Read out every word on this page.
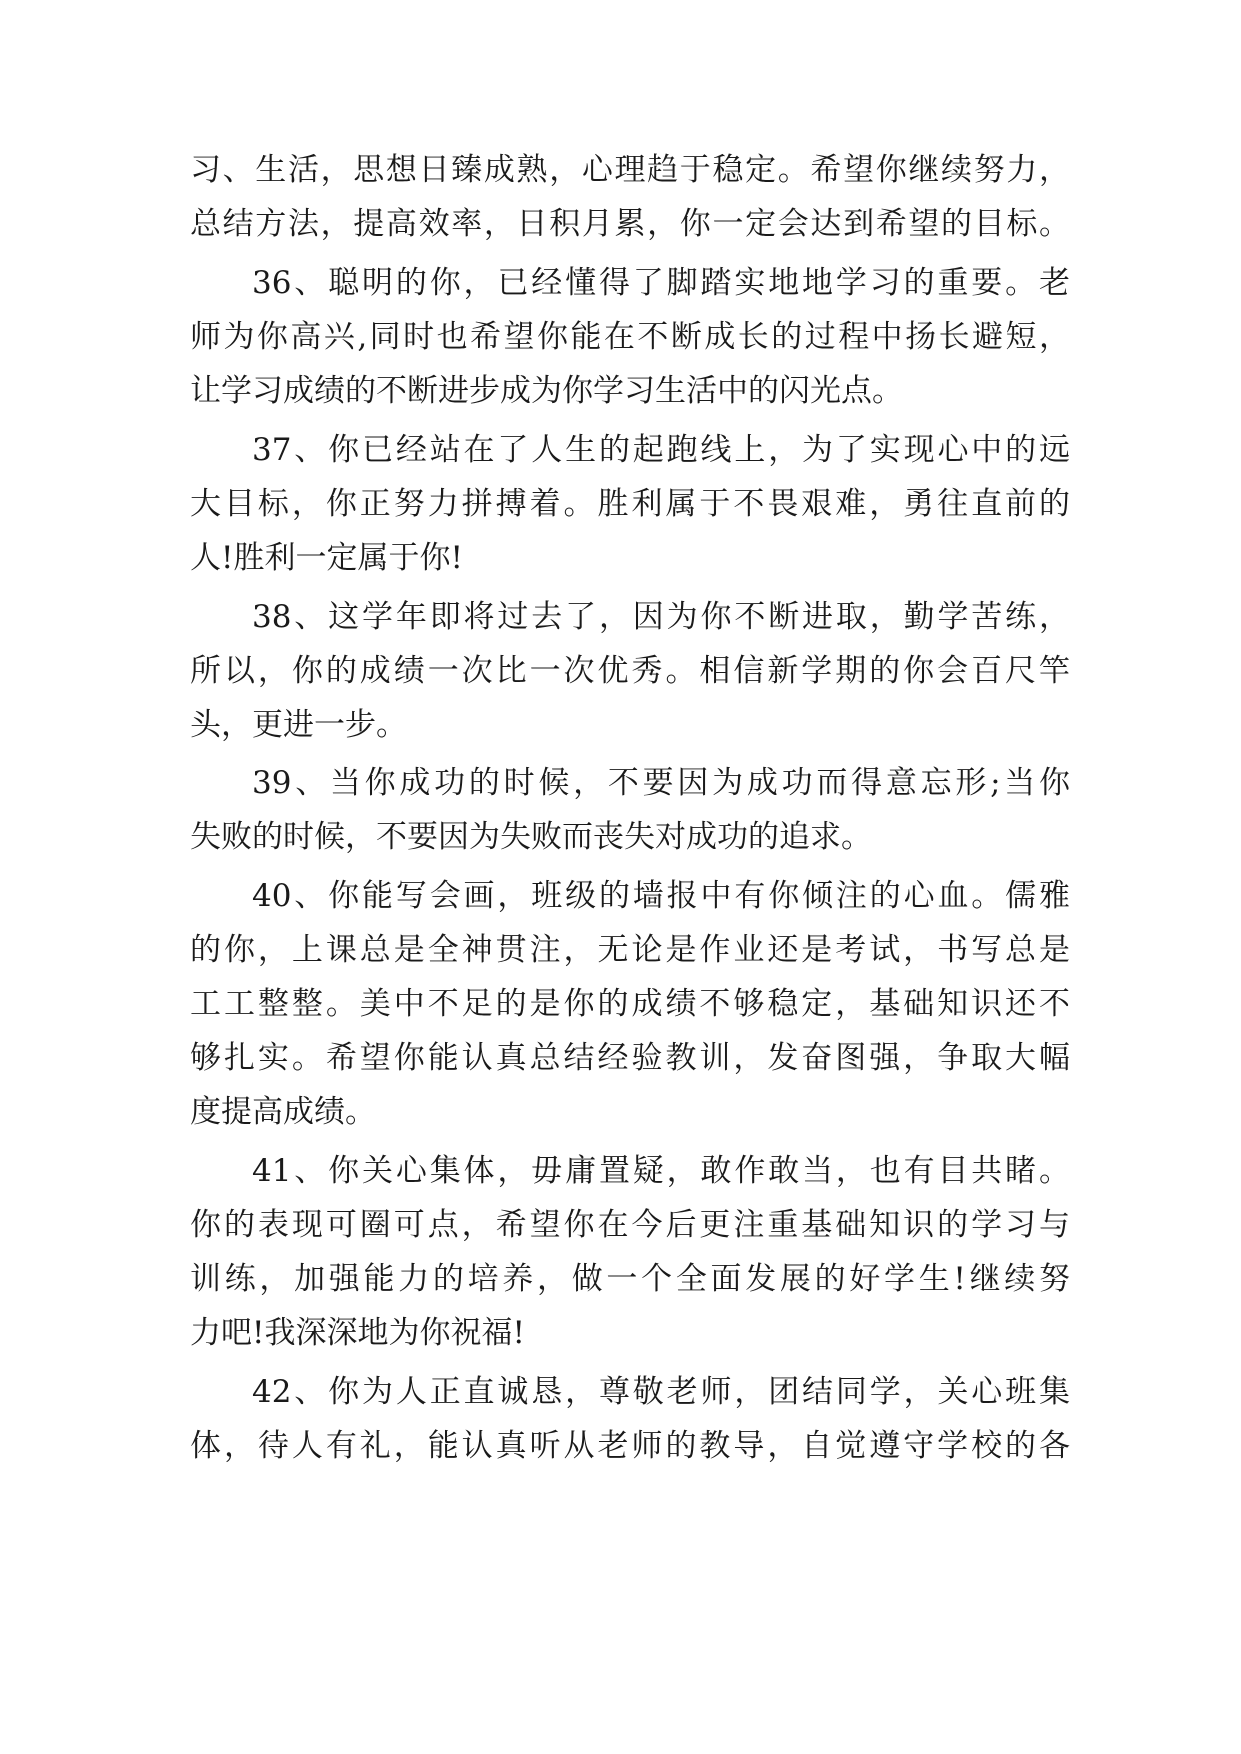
习、生活，思想日臻成熟，心理趋于稳定。希望你继续努力，
总结方法，提高效率，日积月累，你一定会达到希望的目标。
36、聪明的你，已经懂得了脚踏实地地学习的重要。老
师为你高兴,同时也希望你能在不断成长的过程中扬长避短，
让学习成绩的不断进步成为你学习生活中的闪光点。
37、你已经站在了人生的起跑线上，为了实现心中的远
大目标，你正努力拼搏着。胜利属于不畏艰难，勇往直前的
人!胜利一定属于你!
38、这学年即将过去了，因为你不断进取，勤学苦练，
所以，你的成绩一次比一次优秀。相信新学期的你会百尺竿
头，更进一步。
39、当你成功的时候，不要因为成功而得意忘形;当你
失败的时候，不要因为失败而丧失对成功的追求。
40、你能写会画，班级的墙报中有你倾注的心血。儒雅
的你，上课总是全神贯注，无论是作业还是考试，书写总是
工工整整。美中不足的是你的成绩不够稳定，基础知识还不
够扎实。希望你能认真总结经验教训，发奋图强，争取大幅
度提高成绩。
41、你关心集体，毋庸置疑，敢作敢当，也有目共睹。
你的表现可圈可点，希望你在今后更注重基础知识的学习与
训练，加强能力的培养，做一个全面发展的好学生!继续努
力吧!我深深地为你祝福!
42、你为人正直诚恳，尊敬老师，团结同学，关心班集
体，待人有礼，能认真听从老师的教导，自觉遵守学校的各
